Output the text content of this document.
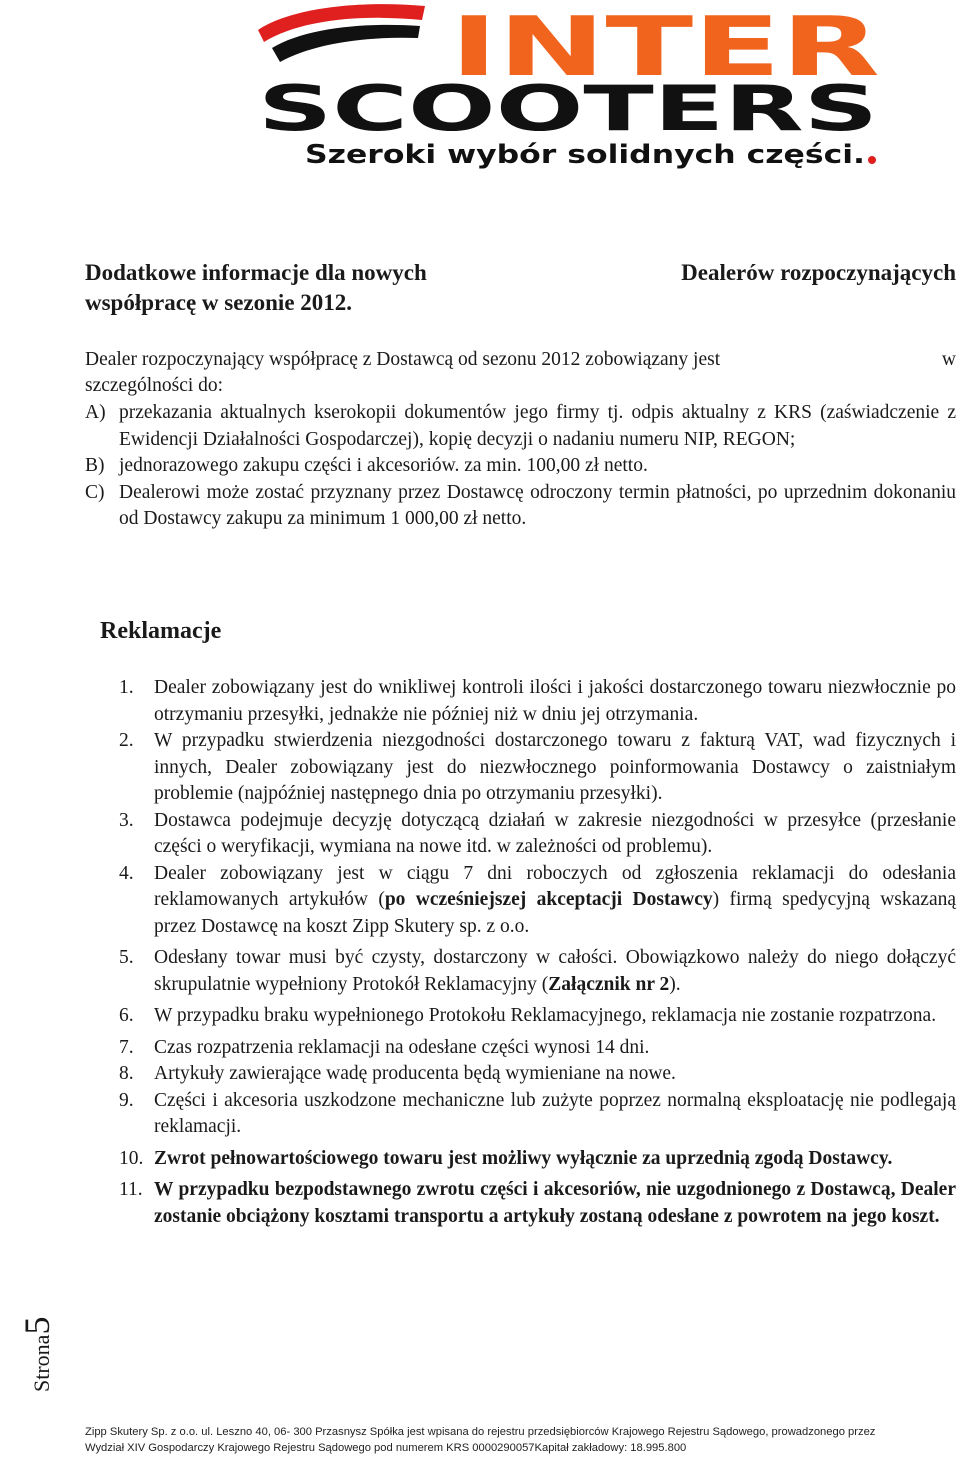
INTER
SCOOTERS
Szeroki wybór solidnych części.
Dodatkowe informacje dla nowych	Dealerów rozpoczynających
współpracę w sezonie 2012.
Dealer rozpoczynający współpracę z Dostawcą od sezonu 2012 zobowiązany jest	w
szczególności do:
A) przekazania aktualnych kserokopii dokumentów jego firmy tj. odpis aktualny z KRS (zaświadczenie z Ewidencji Działalności Gospodarczej), kopię decyzji o nadaniu numeru NIP, REGON;
B) jednorazowego zakupu części i akcesoriów. za min. 100,00 zł netto.
C) Dealerowi może zostać przyznany przez Dostawcę odroczony termin płatności, po uprzednim dokonaniu od Dostawcy zakupu za minimum 1 000,00 zł netto.
Reklamacje
1. Dealer zobowiązany jest do wnikliwej kontroli ilości i jakości dostarczonego towaru niezwłocznie po otrzymaniu przesyłki, jednakże nie później niż w dniu jej otrzymania.
2. W przypadku stwierdzenia niezgodności dostarczonego towaru z fakturą VAT, wad fizycznych i innych, Dealer zobowiązany jest do niezwłocznego poinformowania Dostawcy o zaistniałym problemie (najpóźniej następnego dnia po otrzymaniu przesyłki).
3. Dostawca podejmuje decyzję dotyczącą działań w zakresie niezgodności w przesyłce (przesłanie części o weryfikacji, wymiana na nowe itd. w zależności od problemu).
4. Dealer zobowiązany jest w ciągu 7 dni roboczych od zgłoszenia reklamacji do odesłania reklamowanych artykułów (po wcześniejszej akceptacji Dostawcy) firmą spedycyjną wskazaną przez Dostawcę na koszt Zipp Skutery sp. z o.o.
5. Odesłany towar musi być czysty, dostarczony w całości. Obowiązkowo należy do niego dołączyć skrupulatnie wypełniony Protokół Reklamacyjny (Załącznik nr 2).
6. W przypadku braku wypełnionego Protokołu Reklamacyjnego, reklamacja nie zostanie rozpatrzona.
7. Czas rozpatrzenia reklamacji na odesłane części wynosi 14 dni.
8. Artykuły zawierające wadę producenta będą wymieniane na nowe.
9. Części i akcesoria uszkodzone mechaniczne lub zużyte poprzez normalną eksploatację nie podlegają reklamacji.
10. Zwrot pełnowartościowego towaru jest możliwy wyłącznie za uprzednią zgodą Dostawcy.
11. W przypadku bezpodstawnego zwrotu części i akcesoriów, nie uzgodnionego z Dostawcą, Dealer zostanie obciążony kosztami transportu a artykuły zostaną odesłane z powrotem na jego koszt.
Strona5
Zipp Skutery Sp. z o.o. ul. Leszno 40, 06- 300 Przasnysz Spółka jest wpisana do rejestru przedsiębiorców Krajowego Rejestru Sądowego, prowadzonego przez
Wydział XIV Gospodarczy Krajowego Rejestru Sądowego pod numerem KRS 0000290057Kapitał zakładowy: 18.995.800
